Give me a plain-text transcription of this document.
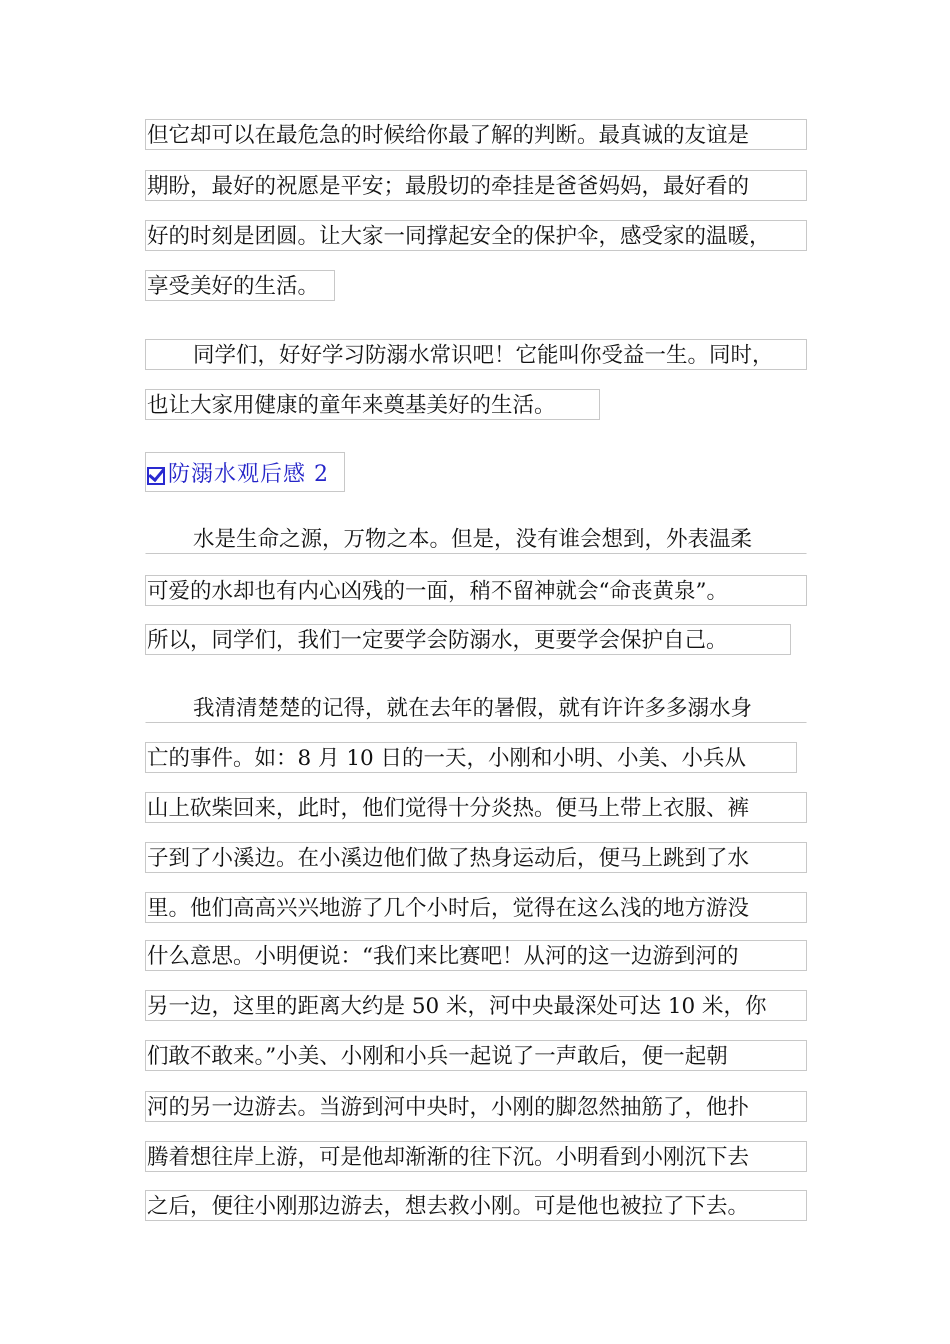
但它却可以在最危急的时候给你最了解的判断。最真诚的友谊是
期盼，最好的祝愿是平安；最殷切的牵挂是爸爸妈妈，最好看的
好的时刻是团圆。让大家一同撑起安全的保护伞，感受家的温暖，
享受美好的生活。
同学们，好好学习防溺水常识吧！它能叫你受益一生。同时，
也让大家用健康的童年来奠基美好的生活。
防溺水观后感 2
水是生命之源，万物之本。但是，没有谁会想到，外表温柔
可爱的水却也有内心凶残的一面，稍不留神就会“命丧黄泉”。
所以，同学们，我们一定要学会防溺水，更要学会保护自己。
我清清楚楚的记得，就在去年的暑假，就有许许多多溺水身
亡的事件。如：8 月 10 日的一天，小刚和小明、小美、小兵从
山上砍柴回来，此时，他们觉得十分炎热。便马上带上衣服、裤
子到了小溪边。在小溪边他们做了热身运动后，便马上跳到了水
里。他们高高兴兴地游了几个小时后，觉得在这么浅的地方游没
什么意思。小明便说：“我们来比赛吧！从河的这一边游到河的
另一边，这里的距离大约是 50 米，河中央最深处可达 10 米，你
们敢不敢来。”小美、小刚和小兵一起说了一声敢后，便一起朝
河的另一边游去。当游到河中央时，小刚的脚忽然抽筋了，他扑
腾着想往岸上游，可是他却渐渐的往下沉。小明看到小刚沉下去
之后，便往小刚那边游去，想去救小刚。可是他也被拉了下去。
